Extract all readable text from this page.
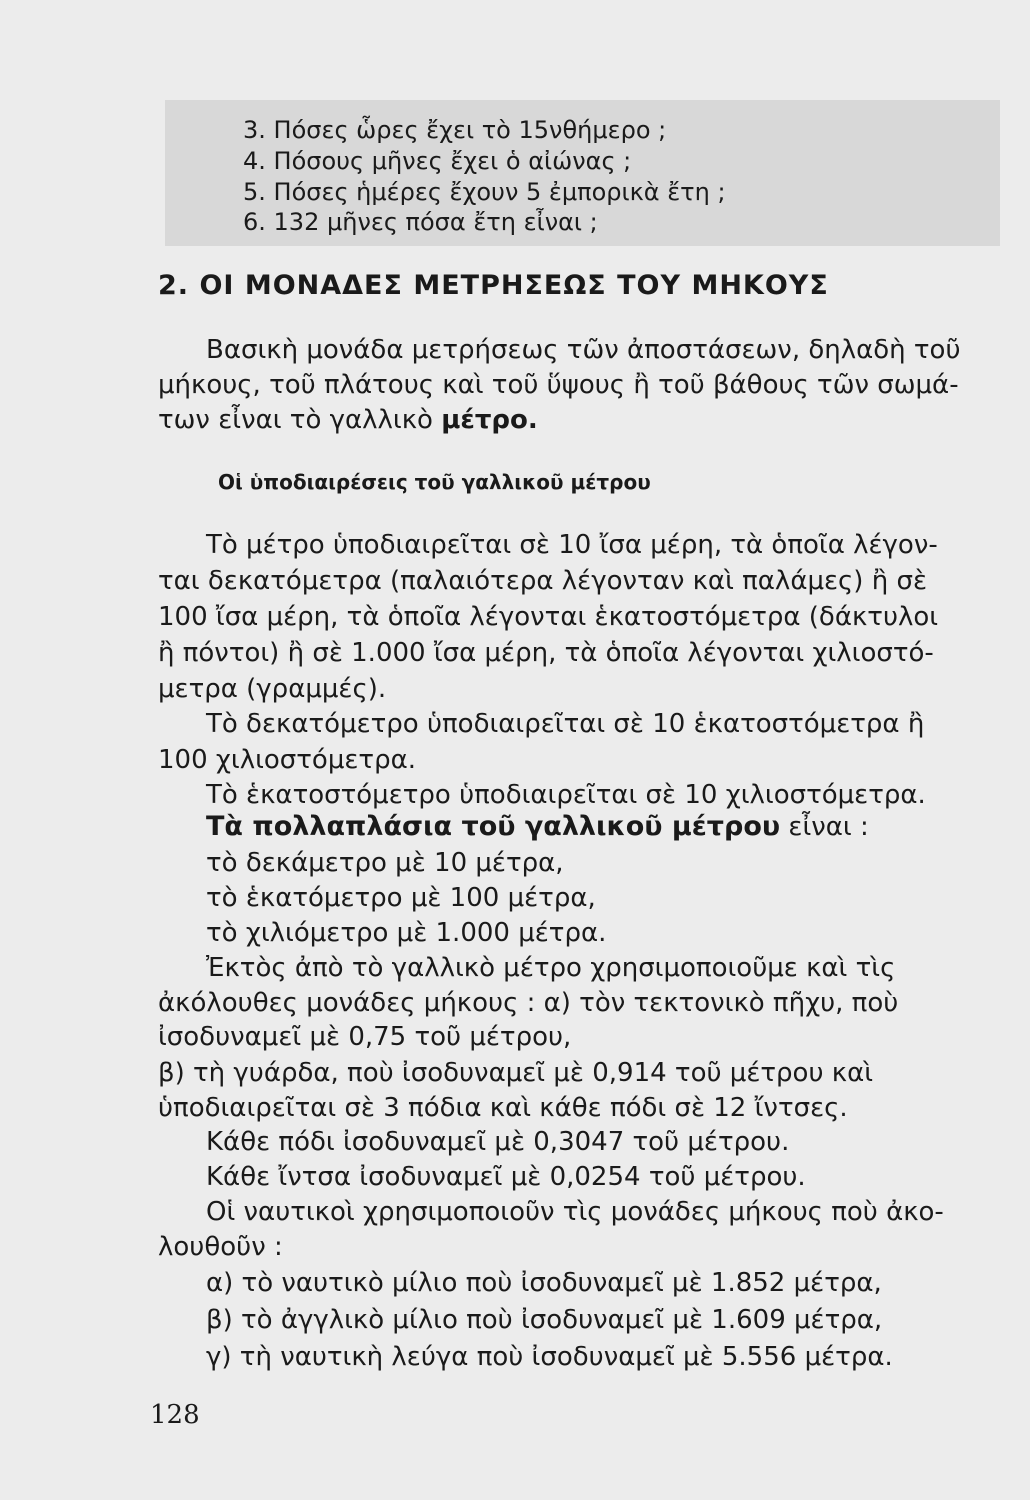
3. Πόσες ὧρες ἔχει τὸ 15νθήμερο ;
4. Πόσους μῆνες ἔχει ὁ αἰώνας ;
5. Πόσες ἡμέρες ἔχουν 5 ἐμπορικὰ ἔτη ;
6. 132 μῆνες πόσα ἔτη εἶναι ;
2. ΟΙ ΜΟΝΑΔΕΣ ΜΕΤΡΗΣΕΩΣ ΤΟΥ ΜΗΚΟΥΣ
Βασικὴ μονάδα μετρήσεως τῶν ἀποστάσεων, δηλαδὴ τοῦ
μήκους, τοῦ πλάτους καὶ τοῦ ὕψους ἢ τοῦ βάθους τῶν σωμά-
των εἶναι τὸ γαλλικὸ μέτρο.
Οἱ ὑποδιαιρέσεις τοῦ γαλλικοῦ μέτρου
Τὸ μέτρο ὑποδιαιρεῖται σὲ 10 ἴσα μέρη, τὰ ὁποῖα λέγον-
ται δεκατόμετρα (παλαιότερα λέγονταν καὶ παλάμες) ἢ σὲ
100 ἴσα μέρη, τὰ ὁποῖα λέγονται ἑκατοστόμετρα (δάκτυλοι
ἢ πόντοι) ἢ σὲ 1.000 ἴσα μέρη, τὰ ὁποῖα λέγονται χιλιοστό-
μετρα (γραμμές).
Τὸ δεκατόμετρο ὑποδιαιρεῖται σὲ 10 ἑκατοστόμετρα ἢ
100 χιλιοστόμετρα.
Τὸ ἑκατοστόμετρο ὑποδιαιρεῖται σὲ 10 χιλιοστόμετρα.
Τὰ πολλαπλάσια τοῦ γαλλικοῦ μέτρου εἶναι :
τὸ δεκάμετρο μὲ 10 μέτρα,
τὸ ἑκατόμετρο μὲ 100 μέτρα,
τὸ χιλιόμετρο μὲ 1.000 μέτρα.
Ἐκτὸς ἀπὸ τὸ γαλλικὸ μέτρο χρησιμοποιοῦμε καὶ τὶς
ἀκόλουθες μονάδες μήκους : α) τὸν τεκτονικὸ πῆχυ, ποὺ
ἰσοδυναμεῖ μὲ 0,75 τοῦ μέτρου,
β) τὴ γυάρδα, ποὺ ἰσοδυναμεῖ μὲ 0,914 τοῦ μέτρου καὶ
ὑποδιαιρεῖται σὲ 3 πόδια καὶ κάθε πόδι σὲ 12 ἴντσες.
Κάθε πόδι ἰσοδυναμεῖ μὲ 0,3047 τοῦ μέτρου.
Κάθε ἴντσα ἰσοδυναμεῖ μὲ 0,0254 τοῦ μέτρου.
Οἱ ναυτικοὶ χρησιμοποιοῦν τὶς μονάδες μήκους ποὺ ἀκο-
λουθοῦν :
α) τὸ ναυτικὸ μίλιο ποὺ ἰσοδυναμεῖ μὲ 1.852 μέτρα,
β) τὸ ἀγγλικὸ μίλιο ποὺ ἰσοδυναμεῖ μὲ 1.609 μέτρα,
γ) τὴ ναυτικὴ λεύγα ποὺ ἰσοδυναμεῖ μὲ 5.556 μέτρα.
128
